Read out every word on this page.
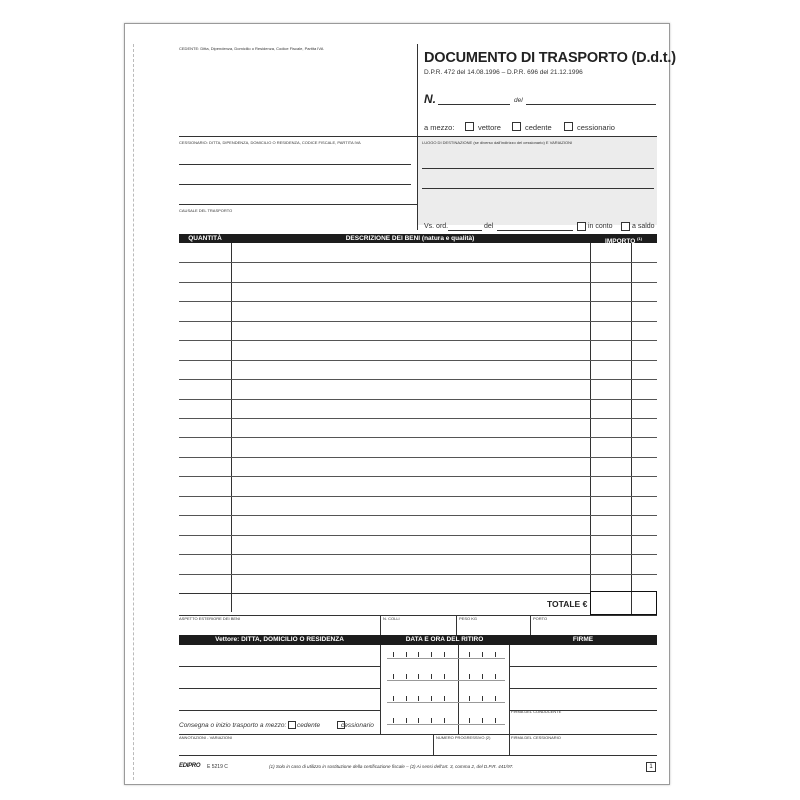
CEDENTE: Ditta, Dipendenza, Domicilio o Residenza, Codice Fiscale, Partita IVA
DOCUMENTO DI TRASPORTO (D.d.t.)
D.P.R. 472 del 14.08.1996 – D.P.R. 696 del 21.12.1996
N.	del
a mezzo:	vettore	cedente	cessionario
CESSIONARIO: DITTA, DIPENDENZA, DOMICILIO O RESIDENZA, CODICE FISCALE, PARTITA IVA	LUOGO DI DESTINAZIONE (se diverso dall'indirizzo del cessionario) E VARIAZIONI
CAUSALE DEL TRASPORTO
Vs. ord.	del	in conto	a saldo
QUANTITÀ	DESCRIZIONE DEI BENI (natura e qualità)	IMPORTO $^{(1)}$
TOTALE €
ASPETTO ESTERIORE DEI BENI	N. COLLI	PESO KG	PORTO
Vettore: DITTA, DOMICILIO O RESIDENZA	DATA E ORA DEL RITIRO	FIRME
Consegna o inizio trasporto a mezzo: cedente	cessionario
FIRMA DEL CONDUCENTE
ANNOTAZIONI - VARIAZIONI	NUMERO PROGRESSIVO (2)	FIRMA DEL CESSIONARIO
EDIPRO E 5219 C	(1) Solo in caso di utilizzo in sostituzione della certificazione fiscale – (2) Ai sensi dell'art. 3, comma 2, del D.P.R. 441/97.	1
